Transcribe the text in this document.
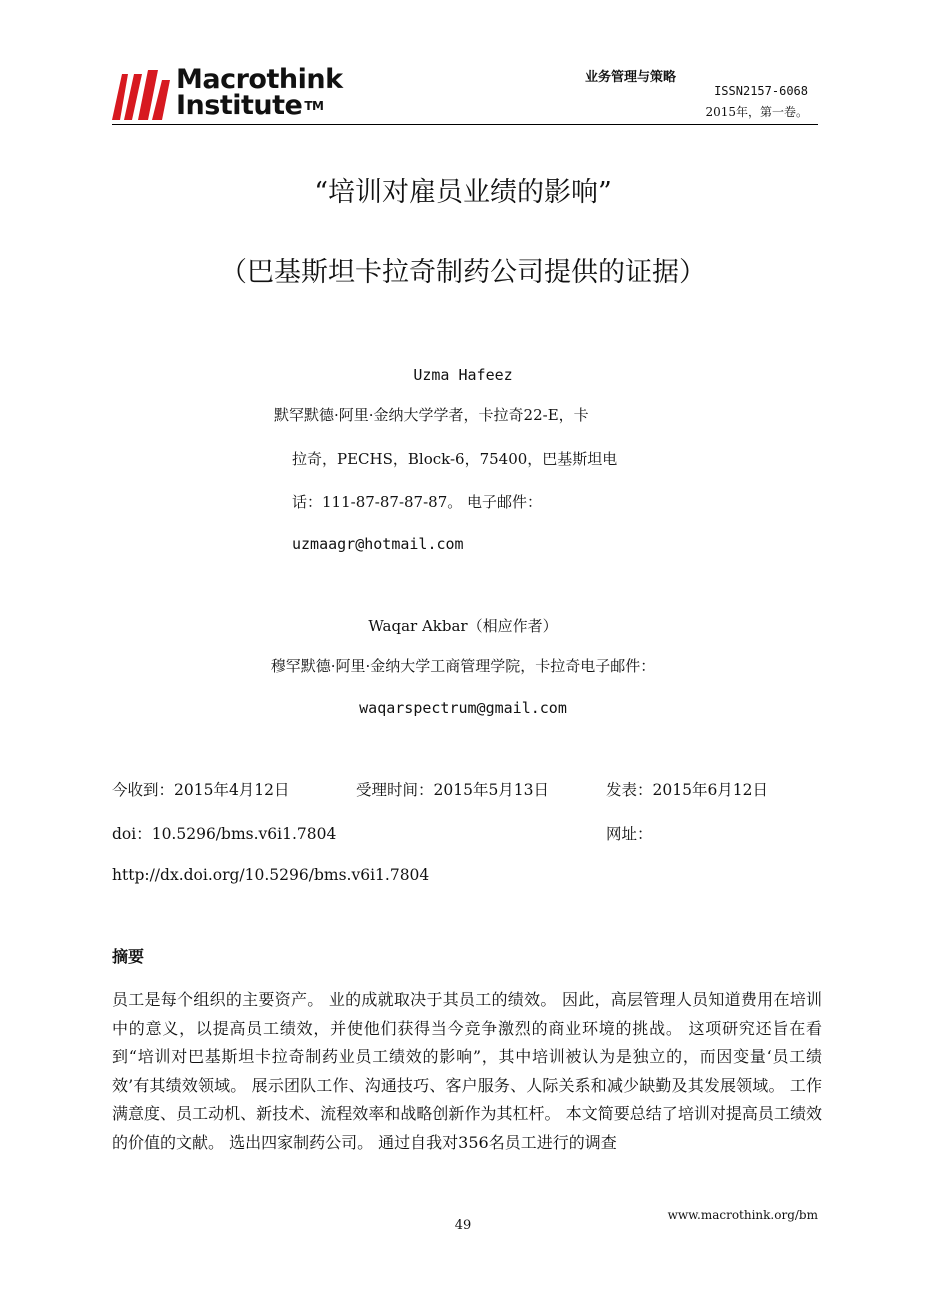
Macrothink
Institute ™
业务管理与策略
ISSN2157-6068
2015年，第一卷。
“培训对雇员业绩的影响”
（巴基斯坦卡拉奇制药公司提供的证据）
Uzma Hafeez
默罕默德·阿里·金纳大学学者，卡拉奇22-E，卡
拉奇，PECHS，Block-6，75400，巴基斯坦电
话：111-87-87-87-87。 电子邮件：
uzmaagr@hotmail.com
Waqar Akbar（相应作者）
穆罕默德·阿里·金纳大学工商管理学院，卡拉奇电子邮件：
waqarspectrum@gmail.com
今收到：2015年4月12日	受理时间：2015年5月13日	发表：2015年6月12日
doi：10.5296/bms.v6i1.7804	网址：
http://dx.doi.org/10.5296/bms.v6i1.7804
摘要
员工是每个组织的主要资产。 业的成就取决于其员工的绩效。 因此，高层管理人员知道费用在培训中的意义，以提高员工绩效，并使他们获得当今竞争激烈的商业环境的挑战。 这项研究还旨在看到“培训对巴基斯坦卡拉奇制药业员工绩效的影响”，其中培训被认为是独立的，而因变量‘员工绩效’有其绩效领域。 展示团队工作、沟通技巧、客户服务、人际关系和减少缺勤及其发展领域。 工作满意度、员工动机、新技术、流程效率和战略创新作为其杠杆。 本文简要总结了培训对提高员工绩效的价值的文献。 选出四家制药公司。 通过自我对356名员工进行的调查
49
www.macrothink.org/bm
